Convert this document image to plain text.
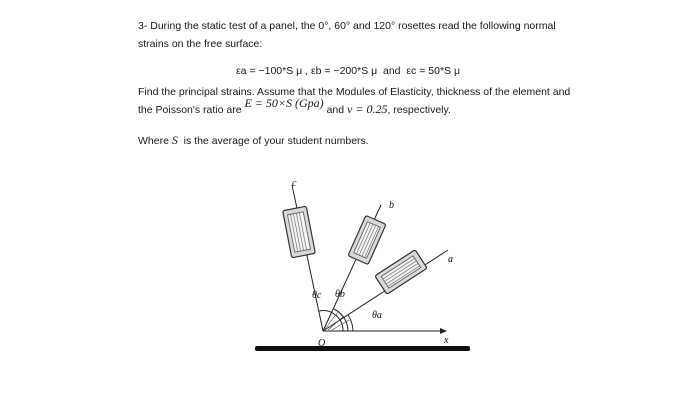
3- During the static test of a panel, the 0°, 60° and 120° rosettes read the following normal
strains on the free surface:
εa = −100*S μ , εb = −200*S μ  and  εc = 50*S μ
Find the principal strains. Assume that the Modules of Elasticity, thickness of the element and
the Poisson's ratio are E = 50×S (Gpa) and ν = 0.25, respectively.
Where S  is the average of your student numbers.
x
a
b
c
O
θc θb
θa
